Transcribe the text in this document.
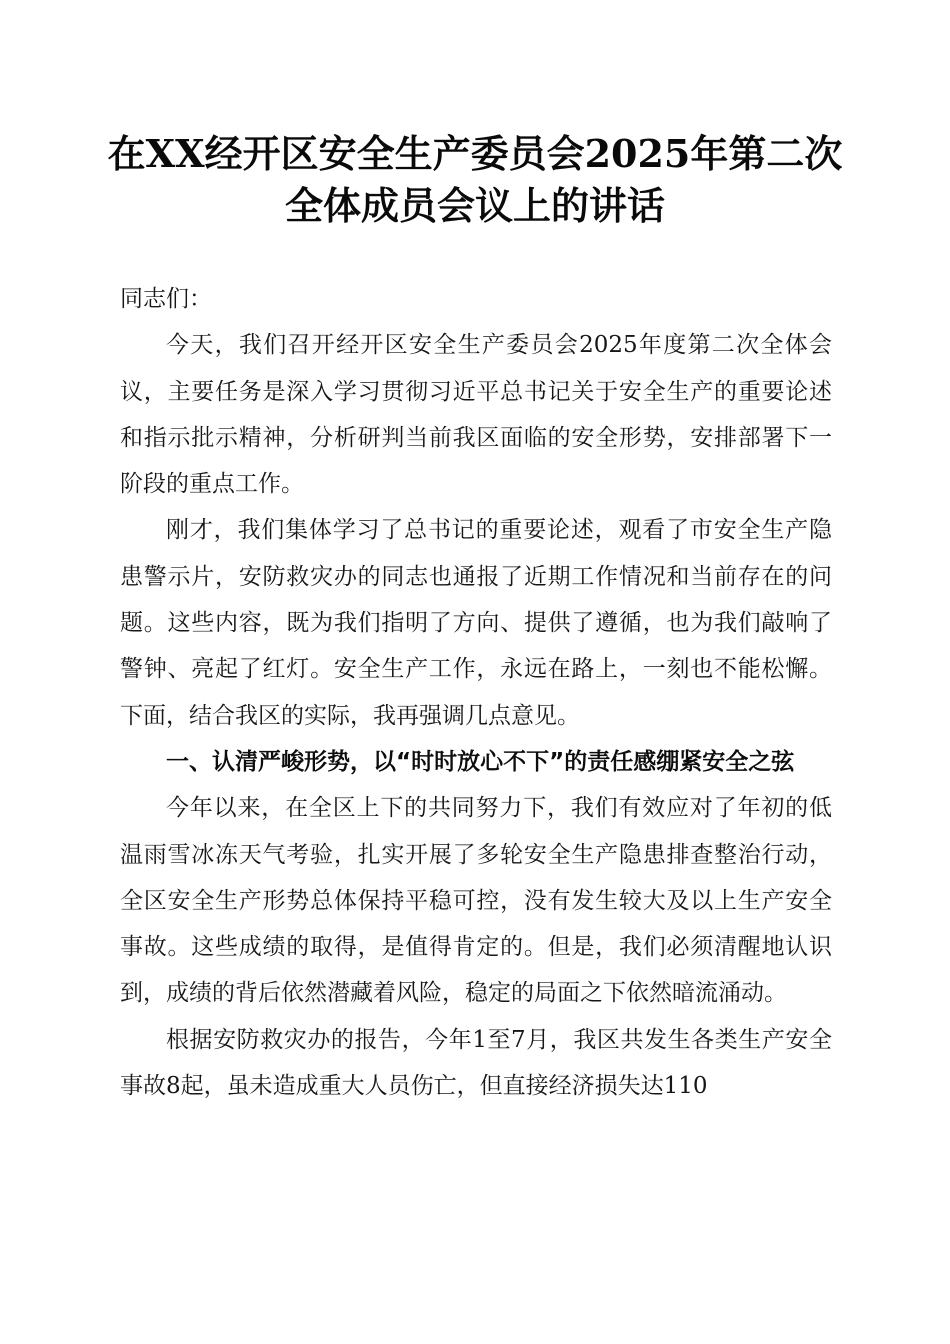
在XX经开区安全生产委员会2025年第二次
全体成员会议上的讲话

同志们：

今天，我们召开经开区安全生产委员会2025年度第二次全体会议，主要任务是深入学习贯彻习近平总书记关于安全生产的重要论述和指示批示精神，分析研判当前我区面临的安全形势，安排部署下一阶段的重点工作。

刚才，我们集体学习了总书记的重要论述，观看了市安全生产隐患警示片，安防救灾办的同志也通报了近期工作情况和当前存在的问题。这些内容，既为我们指明了方向、提供了遵循，也为我们敲响了警钟、亮起了红灯。安全生产工作，永远在路上，一刻也不能松懈。下面，结合我区的实际，我再强调几点意见。

一、认清严峻形势，以“时时放心不下”的责任感绷紧安全之弦

今年以来，在全区上下的共同努力下，我们有效应对了年初的低温雨雪冰冻天气考验，扎实开展了多轮安全生产隐患排查整治行动，全区安全生产形势总体保持平稳可控，没有发生较大及以上生产安全事故。这些成绩的取得，是值得肯定的。但是，我们必须清醒地认识到，成绩的背后依然潜藏着风险，稳定的局面之下依然暗流涌动。

根据安防救灾办的报告，今年1至7月，我区共发生各类生产安全事故8起，虽未造成重大人员伤亡，但直接经济损失达110
